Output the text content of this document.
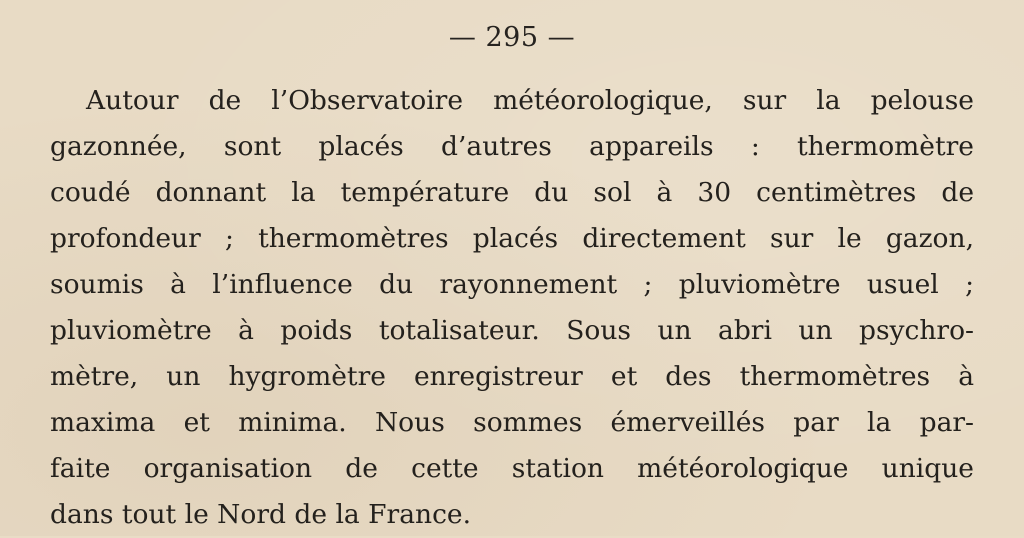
— 295 —
Autour de l’Observatoire météorologique, sur la pelouse
gazonnée, sont placés d’autres appareils : thermomètre
coudé donnant la température du sol à 30 centimètres de
profondeur ; thermomètres placés directement sur le gazon,
soumis à l’influence du rayonnement ; pluviomètre usuel ;
pluviomètre à poids totalisateur. Sous un abri un psychro-
mètre, un hygromètre enregistreur et des thermomètres à
maxima et minima. Nous sommes émerveillés par la par-
faite organisation de cette station météorologique unique
dans tout le Nord de la France.
